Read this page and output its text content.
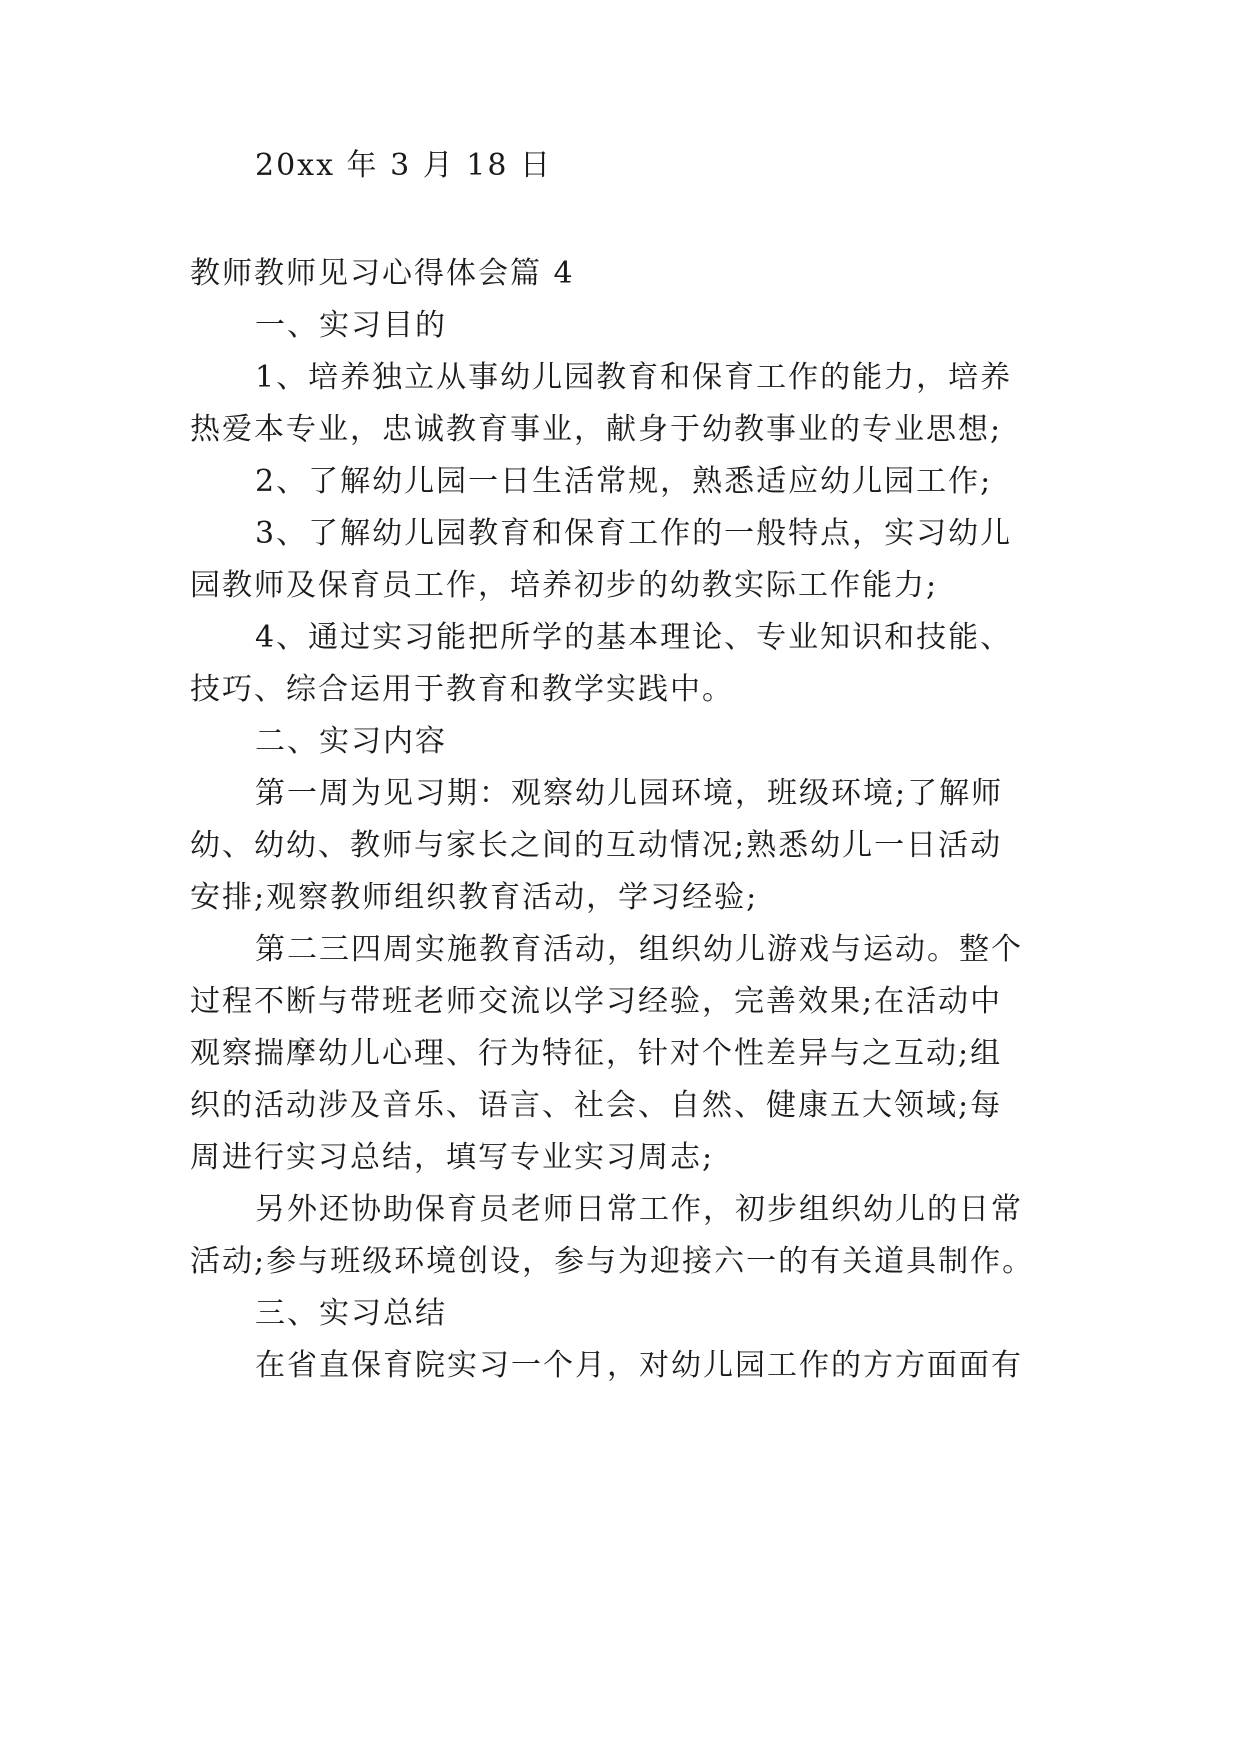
20xx 年 3 月 18 日
教师教师见习心得体会篇 4
一、实习目的
1、培养独立从事幼儿园教育和保育工作的能力，培养
热爱本专业，忠诚教育事业，献身于幼教事业的专业思想;
2、了解幼儿园一日生活常规，熟悉适应幼儿园工作;
3、了解幼儿园教育和保育工作的一般特点，实习幼儿
园教师及保育员工作，培养初步的幼教实际工作能力;
4、通过实习能把所学的基本理论、专业知识和技能、
技巧、综合运用于教育和教学实践中。
二、实习内容
第一周为见习期：观察幼儿园环境，班级环境;了解师
幼、幼幼、教师与家长之间的互动情况;熟悉幼儿一日活动
安排;观察教师组织教育活动，学习经验;
第二三四周实施教育活动，组织幼儿游戏与运动。整个
过程不断与带班老师交流以学习经验，完善效果;在活动中
观察揣摩幼儿心理、行为特征，针对个性差异与之互动;组
织的活动涉及音乐、语言、社会、自然、健康五大领域;每
周进行实习总结，填写专业实习周志;
另外还协助保育员老师日常工作，初步组织幼儿的日常
活动;参与班级环境创设，参与为迎接六一的有关道具制作。
三、实习总结
在省直保育院实习一个月，对幼儿园工作的方方面面有
